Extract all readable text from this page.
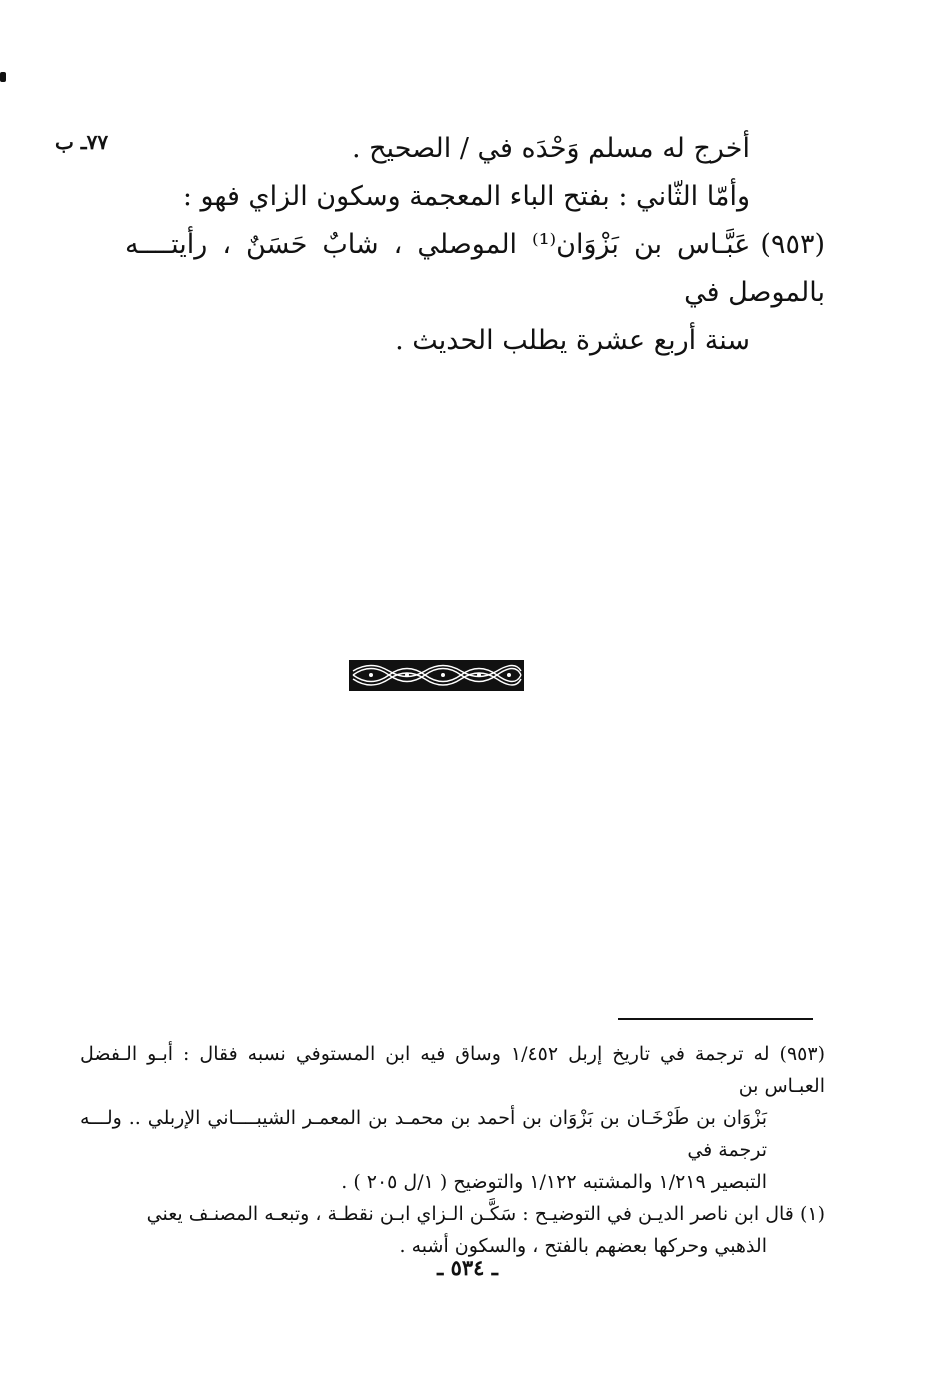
٧٧ـ ب	أخرج له مسلم وَحْدَه في / الصحيح .
وأمّا الثّاني : بفتح الباء المعجمة وسكون الزاي فهو :
(٩٥٣)عَبَّـاس بن بَزْوَان⁽¹⁾ الموصلي ، شابٌ حَسَنٌ ، رأيتــــه بالموصل في
سنة أربع عشرة يطلب الحديث .
(٩٥٣) له ترجمة في تاريخ إربل ١/٤٥٢ وساق فيه ابن المستوفي نسبه فقال : أبـو الـفضل العبـاس بن
بَزْوَان بن طَرْخَـان بن بَزْوَان بن أحمد بن محمـد بن المعمـر الشيبــــاني الإربلي .. ولـــه ترجمة في
التبصير ١/٢١٩ والمشتبه ١/١٢٢ والتوضيح ( ١/ل ٢٠٥ ) .
(١) قال ابن ناصر الديـن في التوضيـح : سَكَّـن الـزاي ابـن نقطـة ، وتبعـه المصنـف يعني
الذهبي وحركها بعضهم بالفتح ، والسكون أشبه .
ـ ٥٣٤ ـ
